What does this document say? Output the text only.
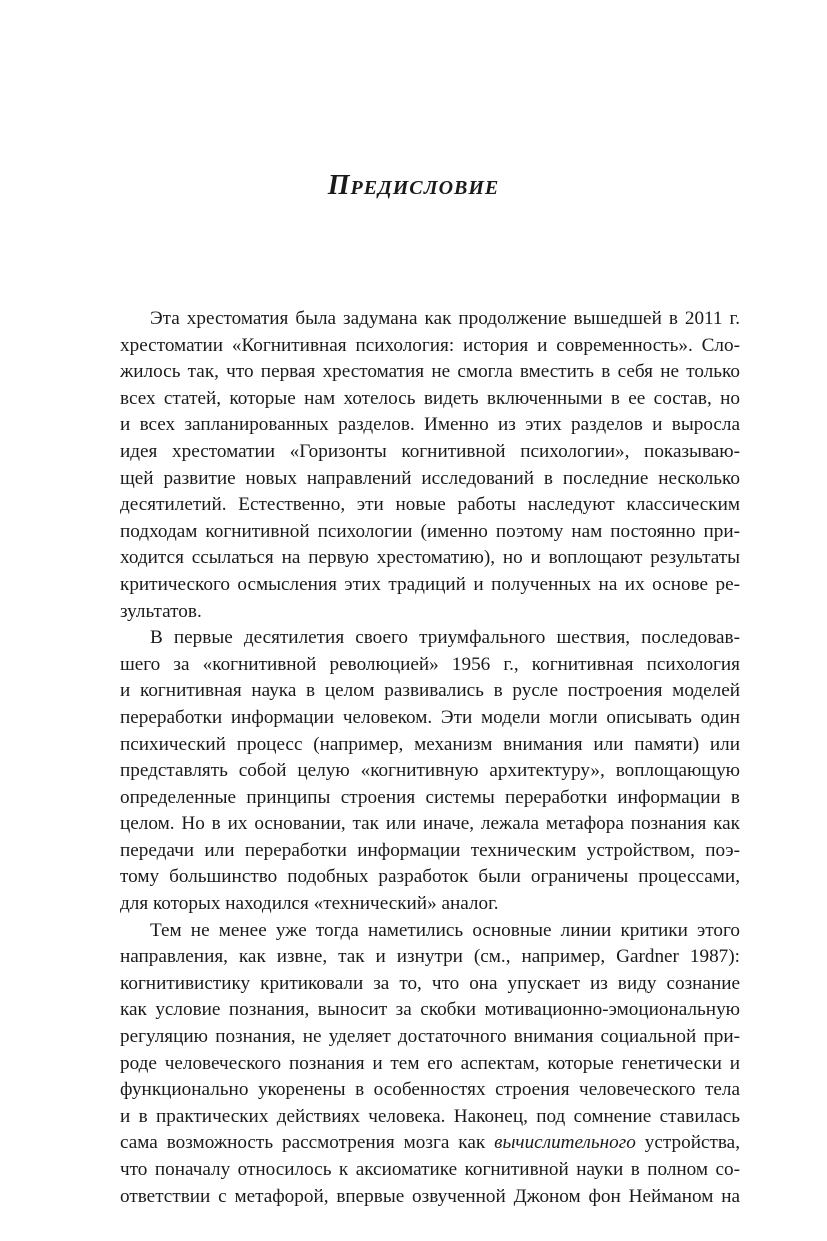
Предисловие

Эта хрестоматия была задумана как продолжение вышедшей в 2011 г.
хрестоматии «Когнитивная психология: история и современность». Сло-
жилось так, что первая хрестоматия не смогла вместить в себя не только
всех статей, которые нам хотелось видеть включенными в ее состав, но
и всех запланированных разделов. Именно из этих разделов и выросла
идея хрестоматии «Горизонты когнитивной психологии», показываю-
щей развитие новых направлений исследований в последние несколько
десятилетий. Естественно, эти новые работы наследуют классическим
подходам когнитивной психологии (именно поэтому нам постоянно при-
ходится ссылаться на первую хрестоматию), но и воплощают результаты
критического осмысления этих традиций и полученных на их основе ре-
зультатов.

В первые десятилетия своего триумфального шествия, последовав-
шего за «когнитивной революцией» 1956 г., когнитивная психология
и когнитивная наука в целом развивались в русле построения моделей
переработки информации человеком. Эти модели могли описывать один
психический процесс (например, механизм внимания или памяти) или
представлять собой целую «когнитивную архитектуру», воплощающую
определенные принципы строения системы переработки информации в
целом. Но в их основании, так или иначе, лежала метафора познания как
передачи или переработки информации техническим устройством, поэ-
тому большинство подобных разработок были ограничены процессами,
для которых находился «технический» аналог.

Тем не менее уже тогда наметились основные линии критики этого
направления, как извне, так и изнутри (см., например, Gardner 1987):
когнитивистику критиковали за то, что она упускает из виду сознание
как условие познания, выносит за скобки мотивационно-эмоциональную
регуляцию познания, не уделяет достаточного внимания социальной при-
роде человеческого познания и тем его аспектам, которые генетически и
функционально укоренены в особенностях строения человеческого тела
и в практических действиях человека. Наконец, под сомнение ставилась
сама возможность рассмотрения мозга как вычислительного устройства,
что поначалу относилось к аксиоматике когнитивной науки в полном со-
ответствии с метафорой, впервые озвученной Джоном фон Нейманом на
